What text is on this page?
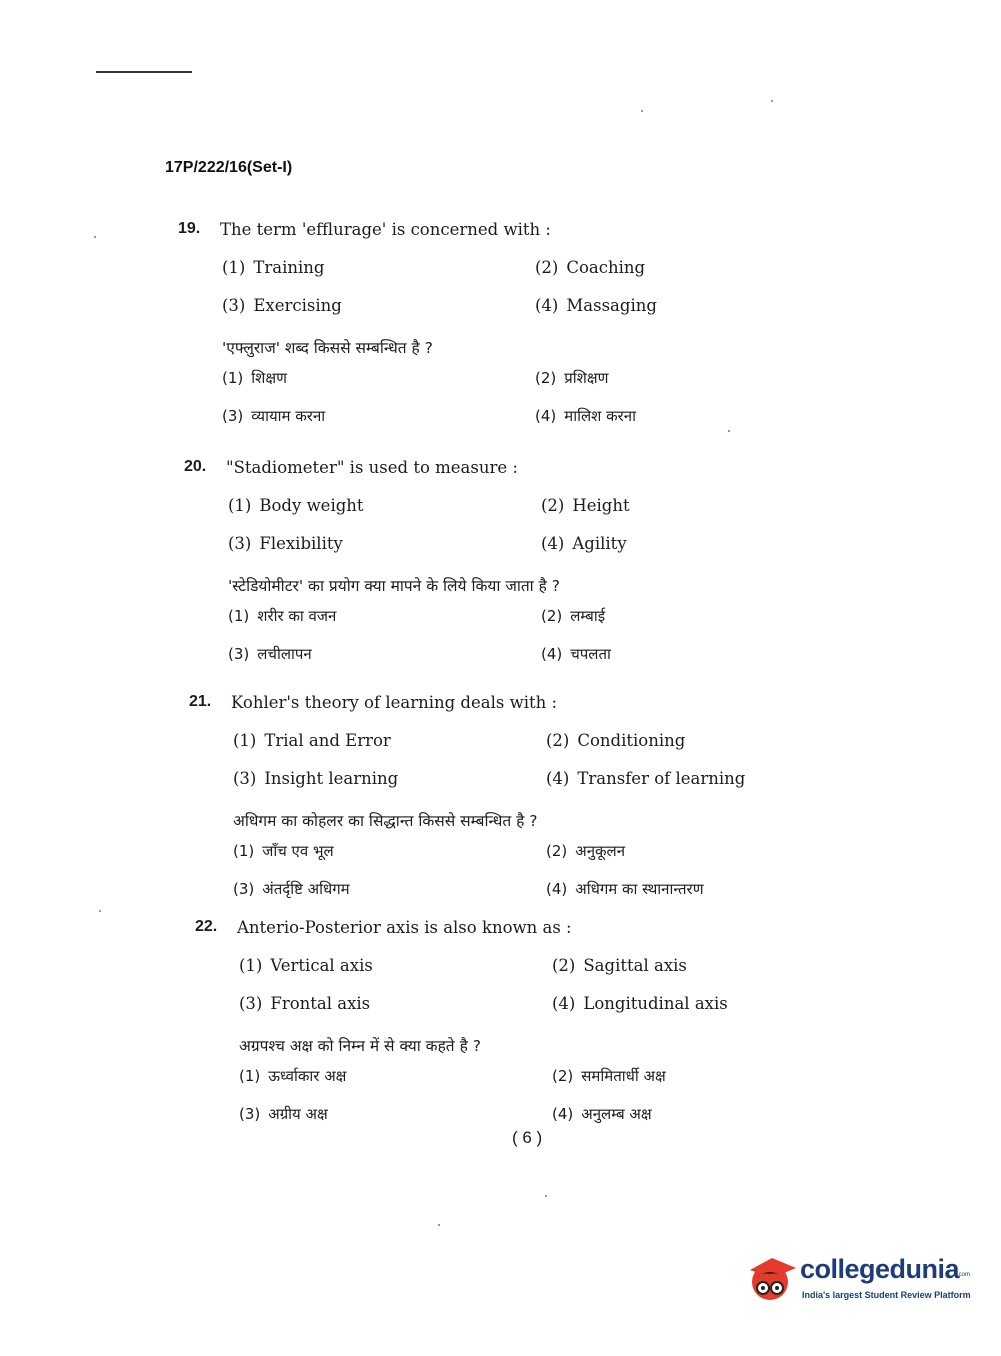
17P/222/16(Set-I)
19. The term 'efflurage' is concerned with :
(1) Training	(2) Coaching
(3) Exercising	(4) Massaging
'एफ्लुराज' शब्द किससे सम्बन्धित है ?
(1) शिक्षण	(2) प्रशिक्षण
(3) व्यायाम करना	(4) मालिश करना
20. "Stadiometer" is used to measure :
(1) Body weight	(2) Height
(3) Flexibility	(4) Agility
'स्टेडियोमीटर' का प्रयोग क्या मापने के लिये किया जाता है ?
(1) शरीर का वजन	(2) लम्बाई
(3) लचीलापन	(4) चपलता
21. Kohler's theory of learning deals with :
(1) Trial and Error	(2) Conditioning
(3) Insight learning	(4) Transfer of learning
अधिगम का कोहलर का सिद्धान्त किससे सम्बन्धित है ?
(1) जाँच एव भूल	(2) अनुकूलन
(3) अंतर्दृष्टि अधिगम	(4) अधिगम का स्थानान्तरण
22. Anterio-Posterior axis is also known as :
(1) Vertical axis	(2) Sagittal axis
(3) Frontal axis	(4) Longitudinal axis
अग्रपश्च अक्ष को निम्न में से क्या कहते है ?
(1) ऊर्ध्वाकार अक्ष	(2) सममितार्धी अक्ष
(3) अग्रीय अक्ष	(4) अनुलम्ब अक्ष
( 6 )
collegedunia
.com
India's largest Student Review Platform
